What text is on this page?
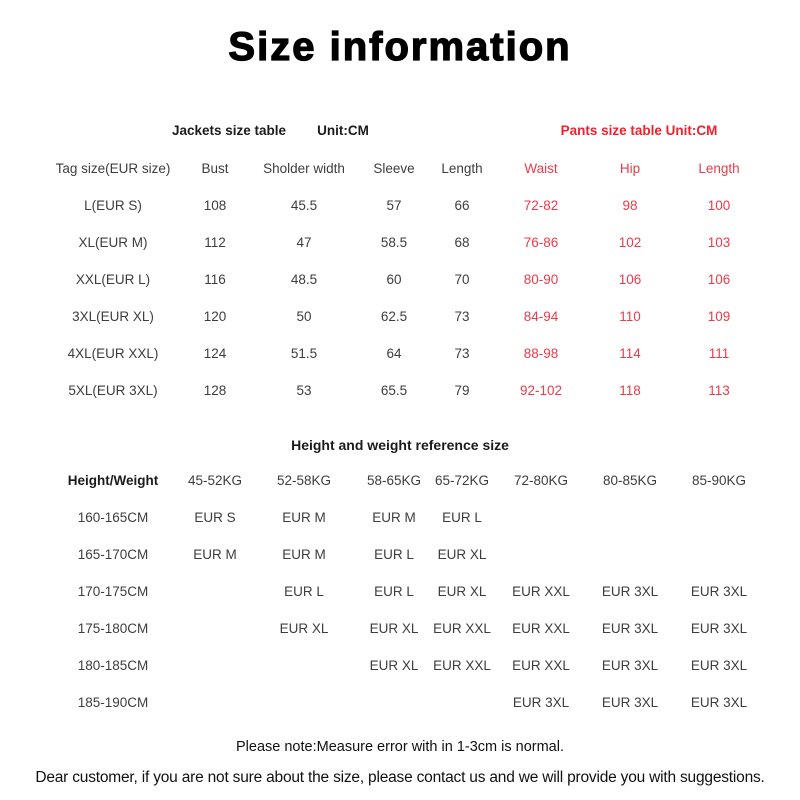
Size information
Jackets size table Unit:CM	Pants size table Unit:CM
Tag size(EUR size)	Bust	Sholder width	Sleeve	Length	Waist	Hip	Length
L(EUR S)	108	45.5	57	66	72-82	98	100
XL(EUR M)	112	47	58.5	68	76-86	102	103
XXL(EUR L)	116	48.5	60	70	80-90	106	106
3XL(EUR XL)	120	50	62.5	73	84-94	110	109
4XL(EUR XXL)	124	51.5	64	73	88-98	114	111
5XL(EUR 3XL)	128	53	65.5	79	92-102	118	113
Height and weight reference size
Height/Weight	45-52KG	52-58KG	58-65KG	65-72KG	72-80KG	80-85KG	85-90KG
160-165CM	EUR S	EUR M	EUR M	EUR L			
165-170CM	EUR M	EUR M	EUR L	EUR XL			
170-175CM		EUR L	EUR L	EUR XL	EUR XXL	EUR 3XL	EUR 3XL
175-180CM		EUR XL	EUR XL	EUR XXL	EUR XXL	EUR 3XL	EUR 3XL
180-185CM			EUR XL	EUR XXL	EUR XXL	EUR 3XL	EUR 3XL
185-190CM					EUR 3XL	EUR 3XL	EUR 3XL
Please note:Measure error with in 1-3cm is normal.
Dear customer, if you are not sure about the size, please contact us and we will provide you with suggestions.
